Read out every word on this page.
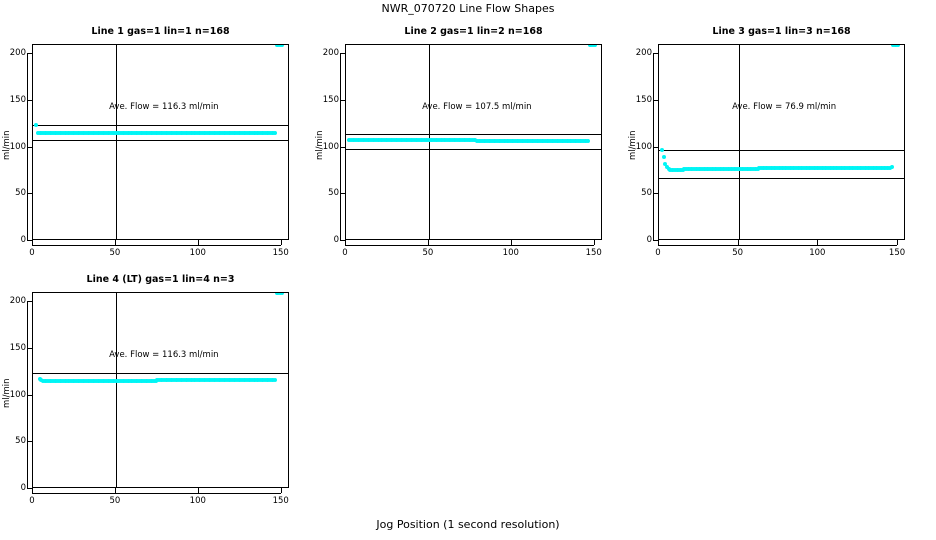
NWR_070720 Line Flow Shapes
Line 1 gas=1 lin=1 n=168
Ave. Flow = 116.3 ml/min
0
50
100
150
200
ml/min
0	50	100	150
Line 2 gas=1 lin=2 n=168
Ave. Flow = 107.5 ml/min
0
50
100
150
200
ml/min
0	50	100	150
Line 3 gas=1 lin=3 n=168
Ave. Flow = 76.9 ml/min
0
50
100
150
200
ml/min
0	50	100	150
Line 4 (LT) gas=1 lin=4 n=3
Ave. Flow = 116.3 ml/min
0
50
100
150
200
ml/min
0	50	100	150
Jog Position (1 second resolution)
